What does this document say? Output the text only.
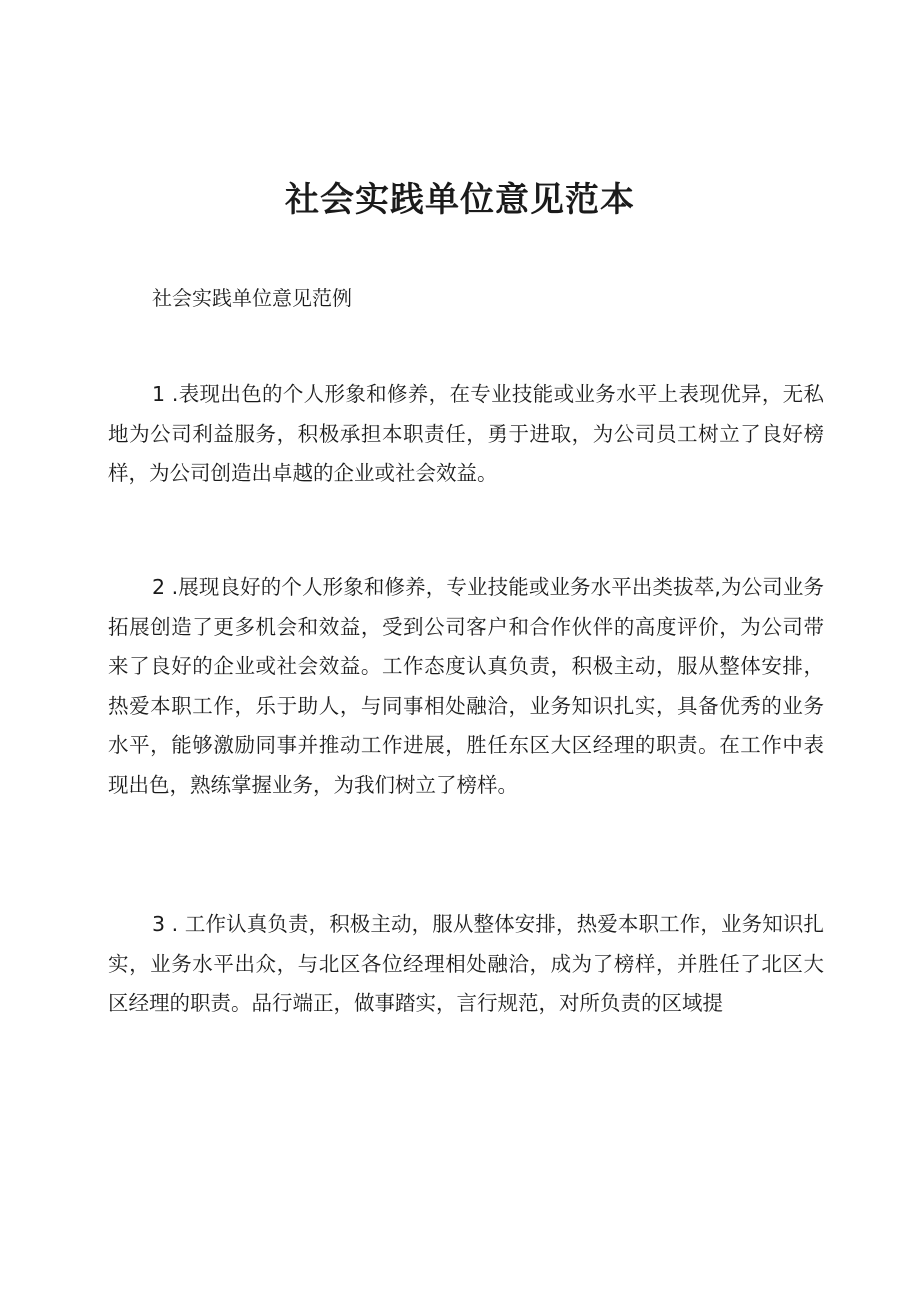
社会实践单位意见范本
社会实践单位意见范例

1 .表现出色的个人形象和修养，在专业技能或业务水平上表现优异，无私地为公司利益服务，积极承担本职责任，勇于进取，为公司员工树立了良好榜样，为公司创造出卓越的企业或社会效益。

2 .展现良好的个人形象和修养，专业技能或业务水平出类拔萃,为公司业务拓展创造了更多机会和效益，受到公司客户和合作伙伴的高度评价，为公司带来了良好的企业或社会效益。工作态度认真负责，积极主动，服从整体安排，热爱本职工作，乐于助人，与同事相处融洽，业务知识扎实，具备优秀的业务水平，能够激励同事并推动工作进展，胜任东区大区经理的职责。在工作中表现出色，熟练掌握业务，为我们树立了榜样。

3 . 工作认真负责，积极主动，服从整体安排，热爱本职工作，业务知识扎实，业务水平出众，与北区各位经理相处融洽，成为了榜样，并胜任了北区大区经理的职责。品行端正，做事踏实，言行规范，对所负责的区域提
